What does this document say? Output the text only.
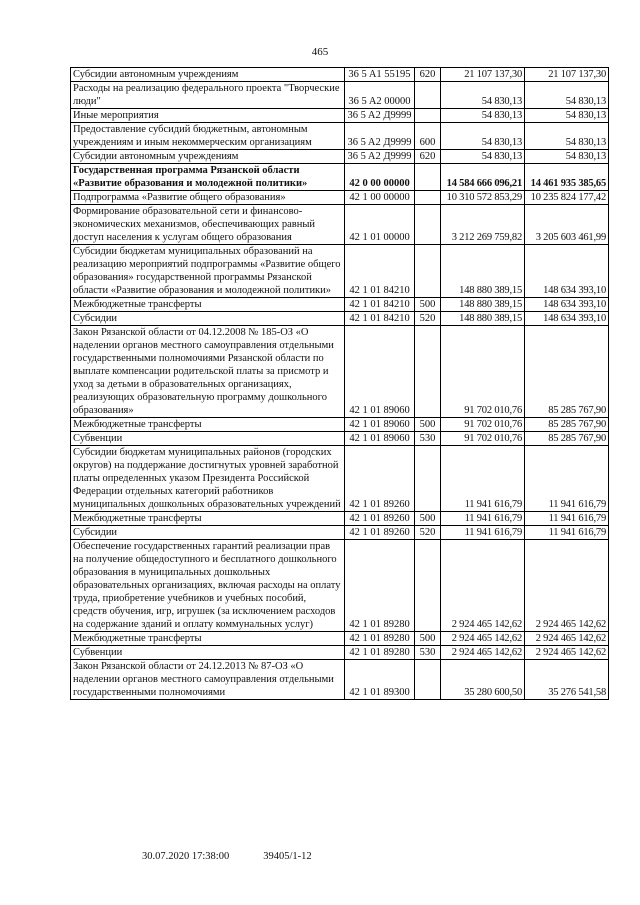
465
Субсидии автономным учреждениям	36 5 A1 55195	620	21 107 137,30	21 107 137,30
Расходы на реализацию федерального проекта "Творческие люди"	36 5 A2 00000		54 830,13	54 830,13
Иные мероприятия	36 5 A2 Д9999		54 830,13	54 830,13
Предоставление субсидий бюджетным, автономным учреждениям и иным некоммерческим организациям	36 5 A2 Д9999	600	54 830,13	54 830,13
Субсидии автономным учреждениям	36 5 A2 Д9999	620	54 830,13	54 830,13
Государственная программа Рязанской области «Развитие образования и молодежной политики»	42 0 00 00000		14 584 666 096,21	14 461 935 385,65
Подпрограмма «Развитие общего образования»	42 1 00 00000		10 310 572 853,29	10 235 824 177,42
Формирование образовательной сети и финансово-экономических механизмов, обеспечивающих равный доступ населения к услугам общего образования	42 1 01 00000		3 212 269 759,82	3 205 603 461,99
Субсидии бюджетам муниципальных образований на реализацию мероприятий подпрограммы «Развитие общего образования» государственной программы Рязанской области «Развитие образования и молодежной политики»	42 1 01 84210		148 880 389,15	148 634 393,10
Межбюджетные трансферты	42 1 01 84210	500	148 880 389,15	148 634 393,10
Субсидии	42 1 01 84210	520	148 880 389,15	148 634 393,10
Закон Рязанской области от 04.12.2008 № 185-ОЗ «О наделении органов местного самоуправления отдельными государственными полномочиями Рязанской области по выплате компенсации родительской платы за присмотр и уход за детьми в образовательных организациях, реализующих образовательную программу дошкольного образования»	42 1 01 89060		91 702 010,76	85 285 767,90
Межбюджетные трансферты	42 1 01 89060	500	91 702 010,76	85 285 767,90
Субвенции	42 1 01 89060	530	91 702 010,76	85 285 767,90
Субсидии бюджетам муниципальных районов (городских округов) на поддержание достигнутых уровней заработной платы определенных указом Президента Российской Федерации отдельных категорий работников муниципальных дошкольных образовательных учреждений	42 1 01 89260		11 941 616,79	11 941 616,79
Межбюджетные трансферты	42 1 01 89260	500	11 941 616,79	11 941 616,79
Субсидии	42 1 01 89260	520	11 941 616,79	11 941 616,79
Обеспечение государственных гарантий реализации прав на получение общедоступного и бесплатного дошкольного образования в муниципальных дошкольных образовательных организациях, включая расходы на оплату труда, приобретение учебников и учебных пособий, средств обучения, игр, игрушек (за исключением расходов на содержание зданий и оплату коммунальных услуг)	42 1 01 89280		2 924 465 142,62	2 924 465 142,62
Межбюджетные трансферты	42 1 01 89280	500	2 924 465 142,62	2 924 465 142,62
Субвенции	42 1 01 89280	530	2 924 465 142,62	2 924 465 142,62
Закон Рязанской области от 24.12.2013 № 87-ОЗ «О наделении органов местного самоуправления отдельными государственными полномочиями	42 1 01 89300		35 280 600,50	35 276 541,58
30.07.2020 17:38:00	39405/1-12
